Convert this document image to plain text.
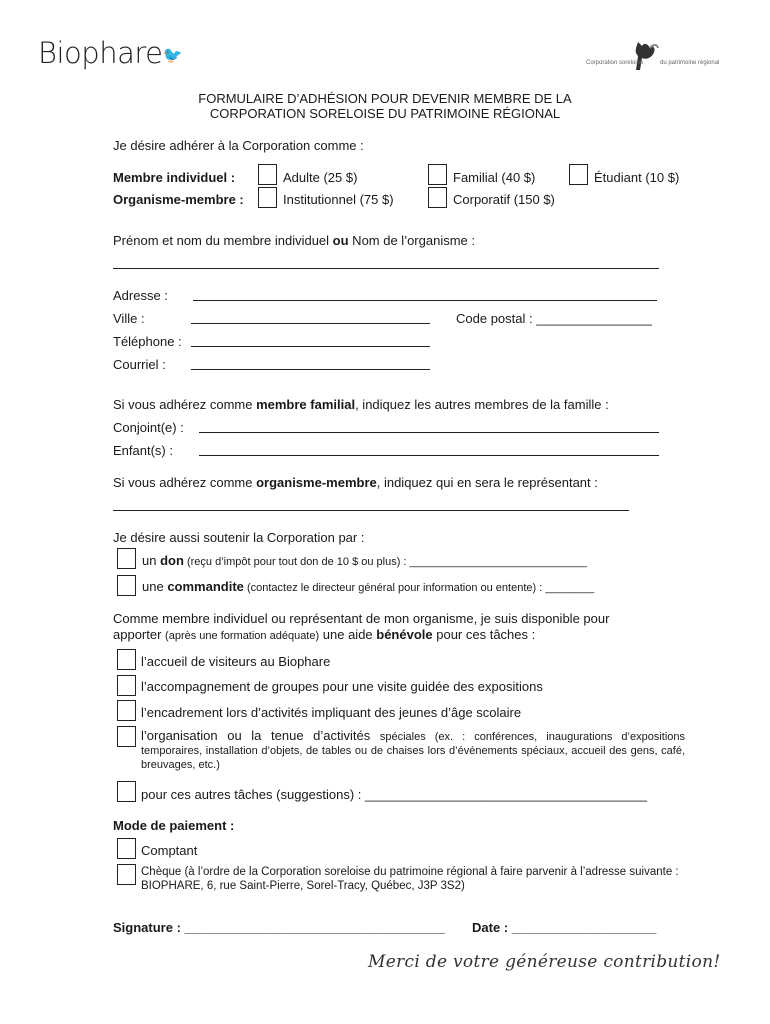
Biophare🐦	Corporation soreloise	du patrimoine régional
FORMULAIRE D’ADHÉSION POUR DEVENIR MEMBRE DE LA
CORPORATION SORELOISE DU PATRIMOINE RÉGIONAL
Je désire adhérer à la Corporation comme :
Membre individuel :	Adulte (25 $)	Familial (40 $)	Étudiant (10 $)
Organisme-membre :	Institutionnel (75 $)	Corporatif (150 $)
Prénom et nom du membre individuel ou Nom de l’organisme :
Adresse :
Ville :	Code postal : ________________
Téléphone :
Courriel :
Si vous adhérez comme membre familial, indiquez les autres membres de la famille :
Conjoint(e) :
Enfant(s) :
Si vous adhérez comme organisme-membre, indiquez qui en sera le représentant :
Je désire aussi soutenir la Corporation par :
un don (reçu d’impôt pour tout don de 10 $ ou plus) : _____________________________
une commandite (contactez le directeur général pour information ou entente) : ________
Comme membre individuel ou représentant de mon organisme, je suis disponible pour
apporter (après une formation adéquate) une aide bénévole pour ces tâches :
l’accueil de visiteurs au Biophare
l’accompagnement de groupes pour une visite guidée des expositions
l’encadrement lors d’activités impliquant des jeunes d’âge scolaire
l’organisation ou la tenue d’activités spéciales (ex. : conférences, inaugurations d’expositions temporaires, installation d’objets, de tables ou de chaises lors d’événements spéciaux, accueil des gens, café, breuvages, etc.)
pour ces autres tâches (suggestions) : _______________________________________
Mode de paiement :
Comptant
Chèque (à l’ordre de la Corporation soreloise du patrimoine régional à faire parvenir à l’adresse suivante : BIOPHARE, 6, rue Saint-Pierre, Sorel-Tracy, Québec, J3P 3S2)
Signature : ____________________________________ Date : ____________________
Merci de votre généreuse contribution!
